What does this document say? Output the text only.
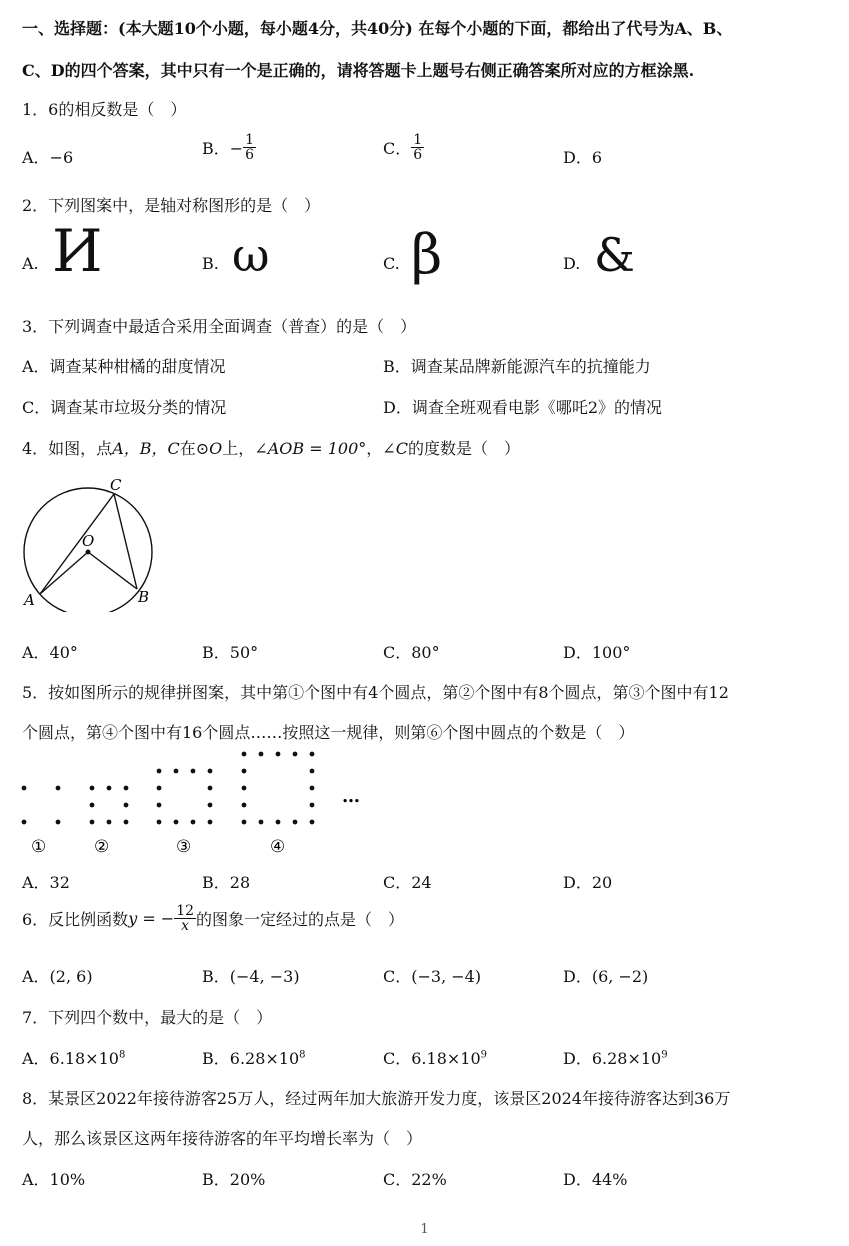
一、选择题：(本大题10个小题，每小题4分，共40分) 在每个小题的下面，都给出了代号为A、B、
C、D的四个答案，其中只有一个是正确的，请将答题卡上题号右侧正确答案所对应的方框涂黑.
1．6的相反数是（　）
A．−6	B．− $\frac{1}{6}$	C． $\frac{1}{6}$	D．6
2．下列图案中，是轴对称图形的是（　）
A. И	B. ω	C. β	D. &
3．下列调查中最适合采用全面调查（普查）的是（　）
A．调查某种柑橘的甜度情况	B．调查某品牌新能源汽车的抗撞能力
C．调查某市垃圾分类的情况	D．调查全班观看电影《哪吒2》的情况
4．如图，点A，B，C在⊙O上，∠AOB = 100°，∠C的度数是（　）
C
O
A	B
A．40°	B．50°	C．80°	D．100°
5．按如图所示的规律拼图案，其中第①个图中有4个圆点，第②个图中有8个圆点，第③个图中有12
个圆点，第④个图中有16个圆点……按照这一规律，则第⑥个图中圆点的个数是（　）
…
①	②	③	④
A．32	B．28	C．24	D．20
6．反比例函数y = − $\frac{12}{x}$ 的图象一定经过的点是（　）
A．(2, 6)	B．(−4, −3)	C．(−3, −4)	D．(6, −2)
7．下列四个数中，最大的是（　）
A．$6.18\times 10^8$	B．$6.28\times 10^8$	C．$6.18\times 10^9$	D．$6.28\times 10^9$
8．某景区2022年接待游客25万人，经过两年加大旅游开发力度，该景区2024年接待游客达到36万
人，那么该景区这两年接待游客的年平均增长率为（　）
A．10%	B．20%	C．22%	D．44%
1
